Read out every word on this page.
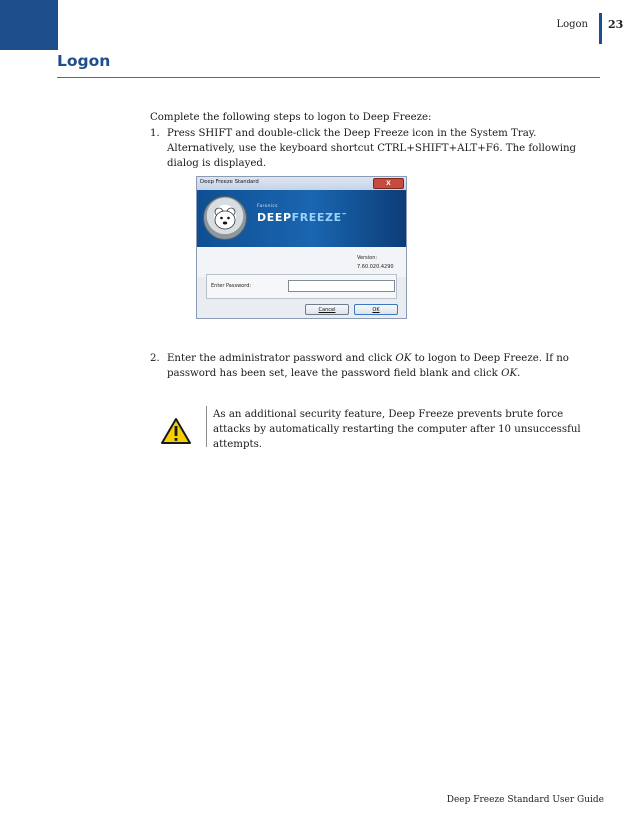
Logon 23
Logon

Complete the following steps to logon to Deep Freeze:

1. Press SHIFT and double-click the Deep Freeze icon in the System Tray. Alternatively, use the keyboard shortcut CTRL+SHIFT+ALT+F6. The following dialog is displayed.
Deep Freeze Standard	X
Faronics
DEEPFREEZE™
Version:
7.60.020.4290
Enter Password:
Cancel	OK
2. Enter the administrator password and click OK to logon to Deep Freeze. If no password has been set, leave the password field blank and click OK.

As an additional security feature, Deep Freeze prevents brute force attacks by automatically restarting the computer after 10 unsuccessful attempts.

Deep Freeze Standard User Guide
